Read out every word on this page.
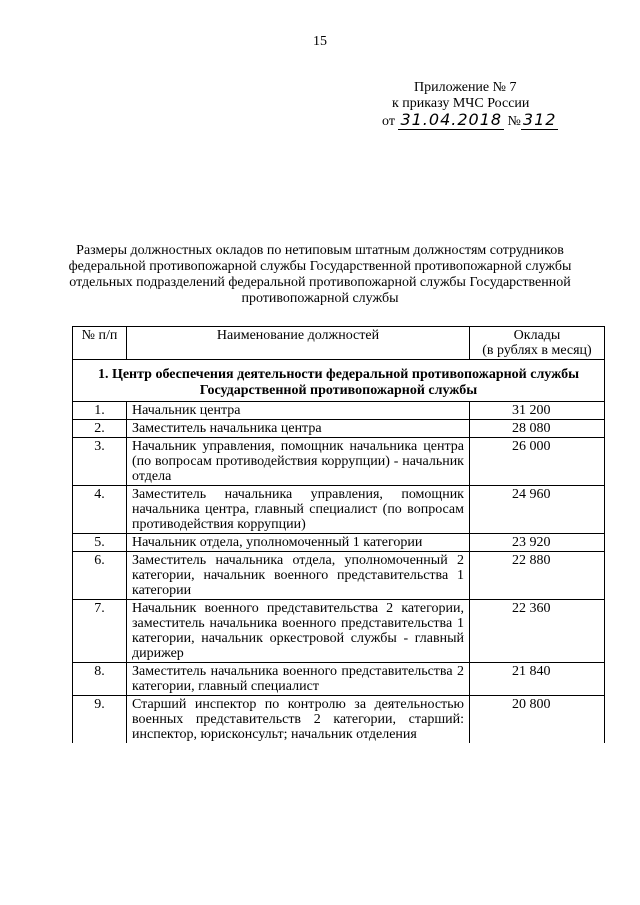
15
Приложение № 7
к приказу МЧС России
от 31.04.2018 № 312
Размеры должностных окладов по нетиповым штатным должностям сотрудников федеральной противопожарной службы Государственной противопожарной службы отдельных подразделений федеральной противопожарной службы Государственной противопожарной службы
№ п/п	Наименование должностей	Оклады
(в рублях в месяц)

1. Центр обеспечения деятельности федеральной противопожарной службы Государственной противопожарной службы		
1.	Начальник центра	31 200
2.	Заместитель начальника центра	28 080
3.	Начальник управления, помощник начальника центра (по вопросам противодействия коррупции) - начальник отдела	26 000
4.	Заместитель начальника управления, помощник начальника центра, главный специалист (по вопросам противодействия коррупции)	24 960
5.	Начальник отдела, уполномоченный 1 категории	23 920
6.	Заместитель начальника отдела, уполномоченный 2 категории, начальник военного представительства 1 категории	22 880
7.	Начальник военного представительства 2 категории, заместитель начальника военного представительства 1 категории, начальник оркестровой службы - главный дирижер	22 360
8.	Заместитель начальника военного представительства 2 категории, главный специалист	21 840
9.	Старший инспектор по контролю за деятельностью военных представительств 2 категории, старший: инспектор, юрисконсульт; начальник отделения	20 800
